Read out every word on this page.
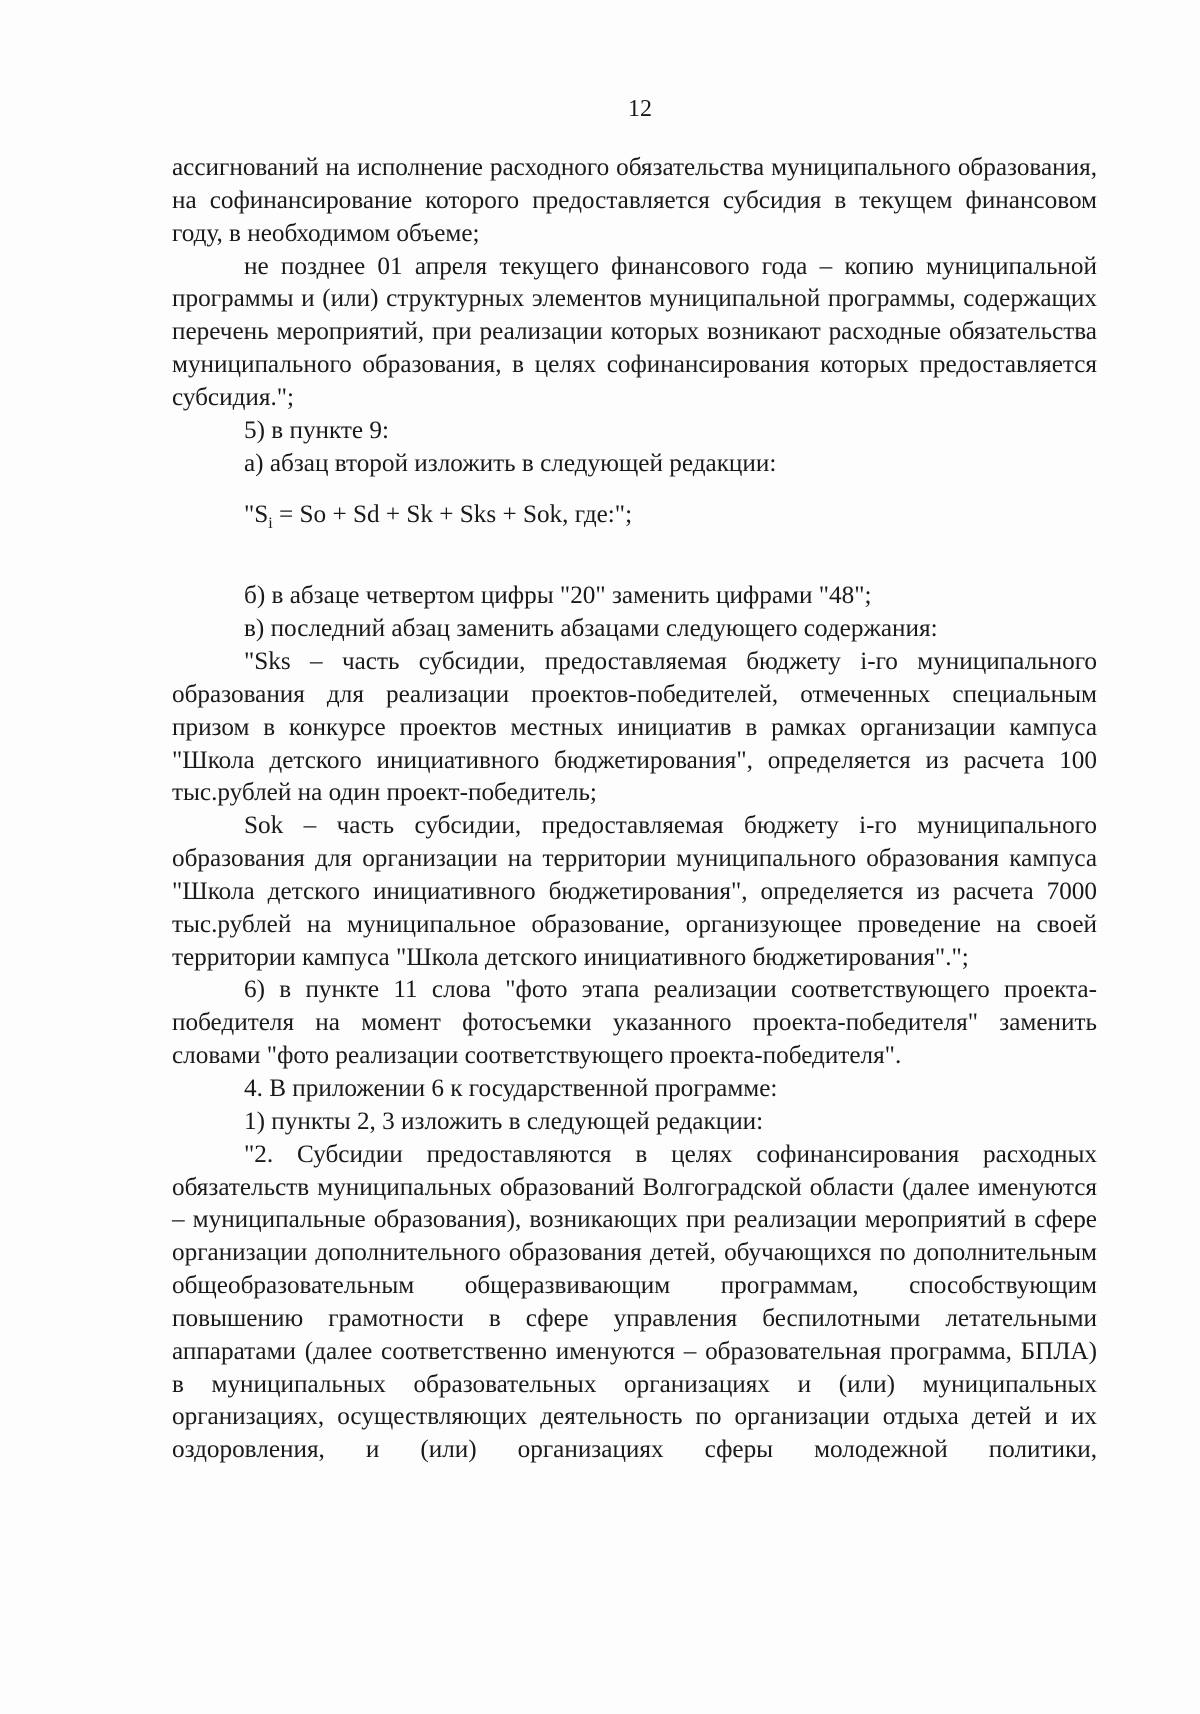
12

ассигнований на исполнение расходного обязательства муниципального образования, на софинансирование которого предоставляется субсидия в текущем финансовом году, в необходимом объеме;

не позднее 01 апреля текущего финансового года – копию муниципальной программы и (или) структурных элементов муниципальной программы, содержащих перечень мероприятий, при реализации которых возникают расходные обязательства муниципального образования, в целях софинансирования которых предоставляется субсидия.";

5) в пункте 9:

а) абзац второй изложить в следующей редакции:

"$S_i = So + Sd + Sk$ + Sks + Sok, где:";

б) в абзаце четвертом цифры "20" заменить цифрами "48";

в) последний абзац заменить абзацами следующего содержания:

"Sks – часть субсидии, предоставляемая бюджету i-го муниципального образования для реализации проектов-победителей, отмеченных специальным призом в конкурсе проектов местных инициатив в рамках организации кампуса "Школа детского инициативного бюджетирования", определяется из расчета 100 тыс.рублей на один проект-победитель;

Sok – часть субсидии, предоставляемая бюджету i-го муниципального образования для организации на территории муниципального образования кампуса "Школа детского инициативного бюджетирования", определяется из расчета 7000 тыс.рублей на муниципальное образование, организующее проведение на своей территории кампуса "Школа детского инициативного бюджетирования".";

6) в пункте 11 слова "фото этапа реализации соответствующего проекта-победителя на момент фотосъемки указанного проекта-победителя" заменить словами "фото реализации соответствующего проекта-победителя".

4. В приложении 6 к государственной программе:

1) пункты 2, 3 изложить в следующей редакции:

"2. Субсидии предоставляются в целях софинансирования расходных обязательств муниципальных образований Волгоградской области (далее именуются – муниципальные образования), возникающих при реализации мероприятий в сфере организации дополнительного образования детей, обучающихся по дополнительным общеобразовательным общеразвивающим программам, способствующим повышению грамотности в сфере управления беспилотными летательными аппаратами (далее соответственно именуются – образовательная программа, БПЛА) в муниципальных образовательных организациях и (или) муниципальных организациях, осуществляющих деятельность по организации отдыха детей и их оздоровления, и (или) организациях сферы молодежной политики,
